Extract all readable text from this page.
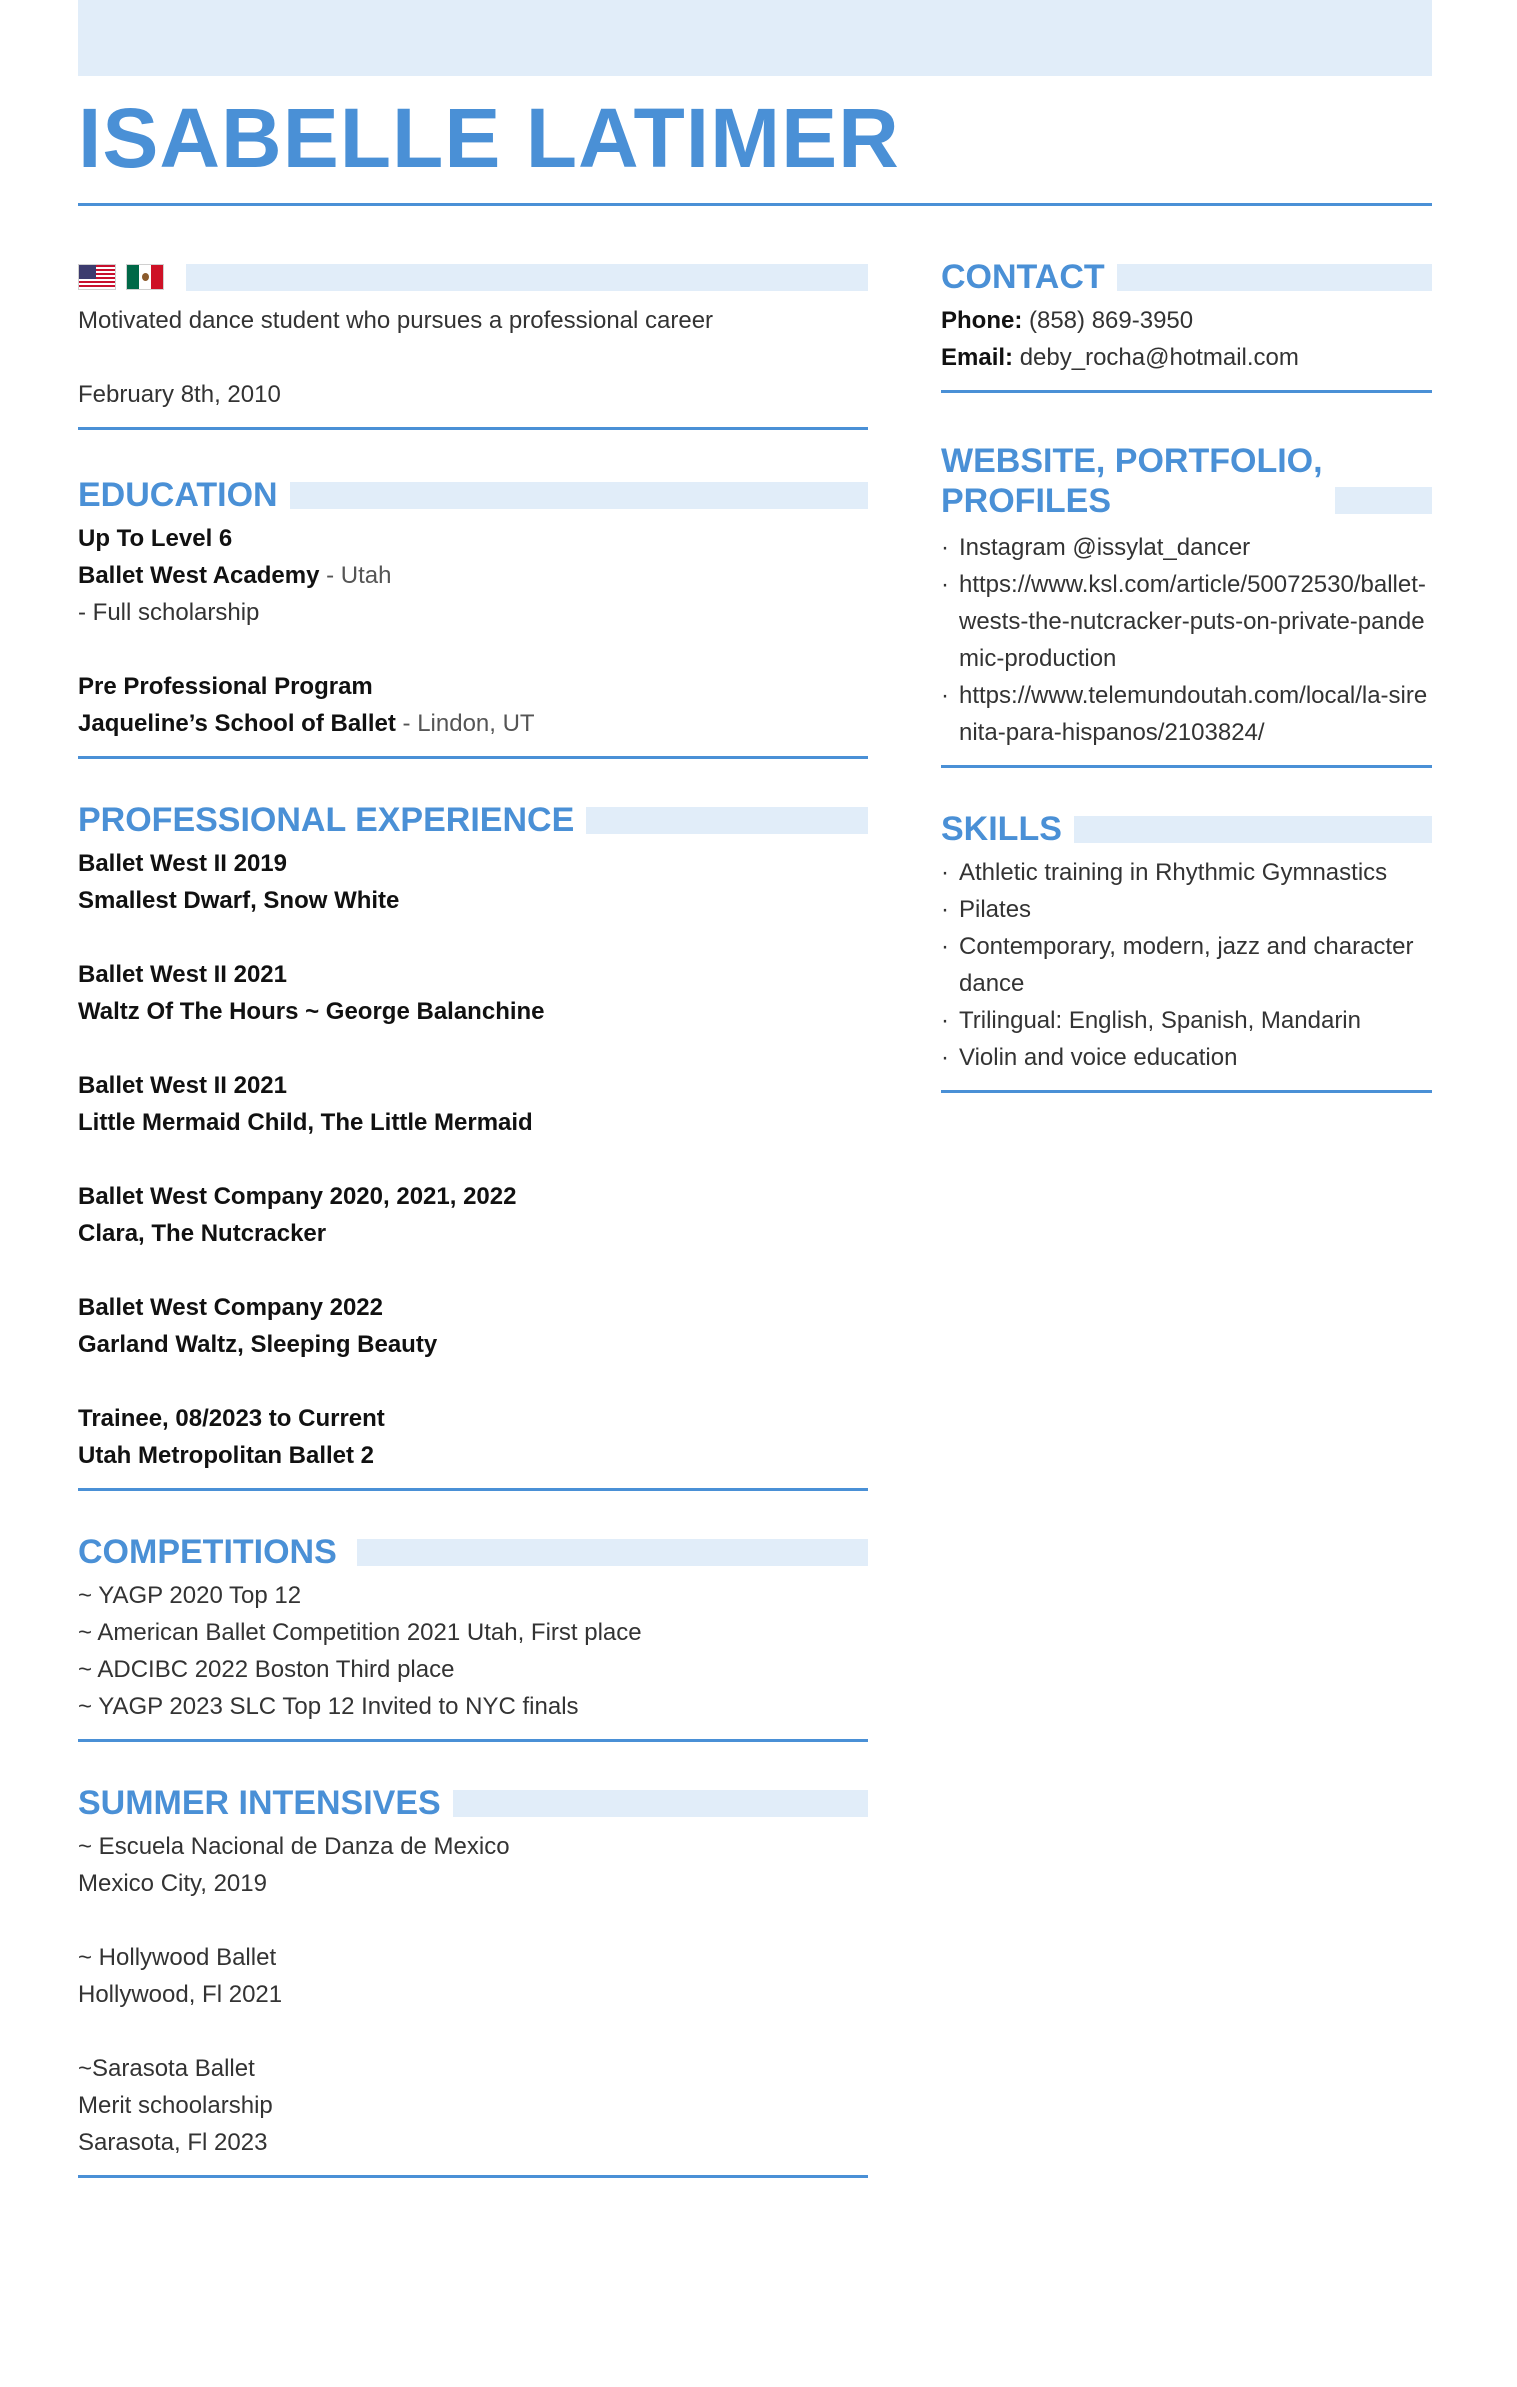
ISABELLE LATIMER
Motivated dance student who pursues a professional career
February 8th, 2010
EDUCATION
Up To Level 6
Ballet West Academy - Utah
- Full scholarship
Pre Professional Program
Jaqueline’s School of Ballet - Lindon, UT
PROFESSIONAL EXPERIENCE
Ballet West II 2019
Smallest Dwarf, Snow White
Ballet West II 2021
Waltz Of The Hours ~ George Balanchine
Ballet West II 2021
Little Mermaid Child, The Little Mermaid
Ballet West Company 2020, 2021, 2022
Clara, The Nutcracker
Ballet West Company 2022
Garland Waltz, Sleeping Beauty
Trainee, 08/2023 to Current
Utah Metropolitan Ballet 2
COMPETITIONS
~ YAGP 2020 Top 12
~ American Ballet Competition 2021 Utah, First place
~ ADCIBC 2022 Boston Third place
~ YAGP 2023 SLC Top 12 Invited to NYC finals
SUMMER INTENSIVES
~ Escuela Nacional de Danza de Mexico
Mexico City, 2019
~ Hollywood Ballet
Hollywood, Fl 2021
~Sarasota Ballet
Merit schoolarship
Sarasota, Fl 2023
CONTACT
Phone: (858) 869-3950
Email: deby_rocha@hotmail.com
WEBSITE, PORTFOLIO,
PROFILES
· Instagram @issylat_dancer
· https://www.ksl.com/article/50072530/ballet-wests-the-nutcracker-puts-on-private-pandemic-production
· https://www.telemundoutah.com/local/la-sirenita-para-hispanos/2103824/
SKILLS
· Athletic training in Rhythmic Gymnastics
· Pilates
· Contemporary, modern, jazz and character dance
· Trilingual: English, Spanish, Mandarin
· Violin and voice education
